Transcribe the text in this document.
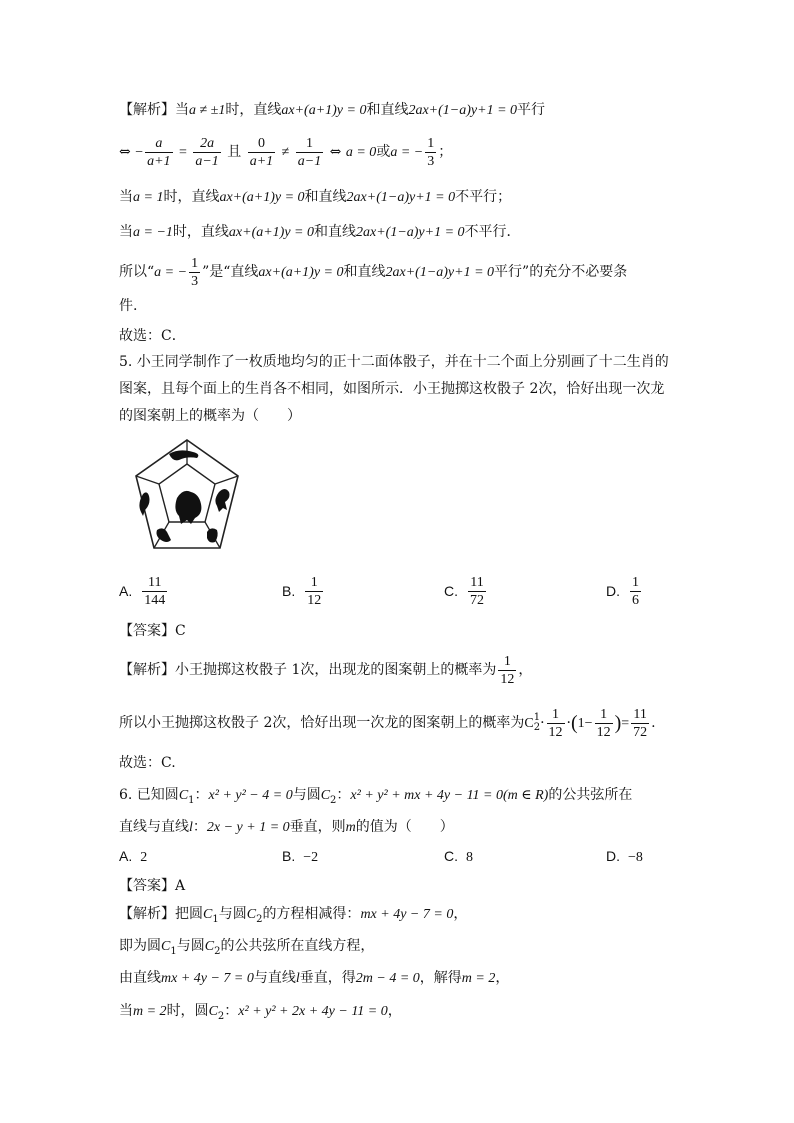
【解析】当a ≠ ±1时，直线ax+(a+1)y = 0和直线2ax+(1−a)y+1 = 0平行
⇔ − $\frac{a}{a+1} = \frac{2a}{a-1}$ 且 $\frac{0}{a+1} \ne \frac{1}{a-1}$ ⇔ a = 0或a = − $\frac{1}{3}$ ；
当a = 1时，直线ax+(a+1)y = 0和直线2ax+(1−a)y+1 = 0不平行；
当a = −1时，直线ax+(a+1)y = 0和直线2ax+(1−a)y+1 = 0不平行．
所以“a = − $\frac{1}{3}$ ”是“直线ax+(a+1)y = 0和直线2ax+(1−a)y+1 = 0平行”的充分不必要条
件.
故选：C．
5. 小王同学制作了一枚质地均匀的正十二面体骰子，并在十二个面上分别画了十二生肖的
图案，且每个面上的生肖各不相同，如图所示．小王抛掷这枚骰子 2次，恰好出现一次龙
的图案朝上的概率为（　　）
A. $\frac{11}{144}$	B. $\frac{1}{12}$	C. $\frac{11}{72}$	D. $\frac{1}{6}$
【答案】C
【解析】小王抛掷这枚骰子 1次，出现龙的图案朝上的概率为 $\frac{1}{12}$ ，
所以小王抛掷这枚骰子 2次，恰好出现一次龙的图案朝上的概率为C 1
$2 \cdot \frac{1}{12} \cdot(1- \frac{1}{12}$ )= $\frac{11}{72}$ .
故选：C.
6. 已知圆$C_1$：x² + y² − 4 = 0与圆$C_2$：x² + y² + mx + 4y − 11 = 0(m ∈ R)的公共弦所在
直线与直线l：2x − y + 1 = 0垂直，则m的值为（　　）
A. 2	B. −2	C. 8	D. −8
【答案】A
【解析】把圆$C_1$与圆$C_2$的方程相减得：mx + 4y − 7 = 0，
即为圆$C_1$与圆$C_2$的公共弦所在直线方程，
由直线mx + 4y − 7 = 0与直线l垂直，得2m − 4 = 0，解得m = 2，
当m = 2时，圆$C_2$：x² + y² + 2x + 4y − 11 = 0，
